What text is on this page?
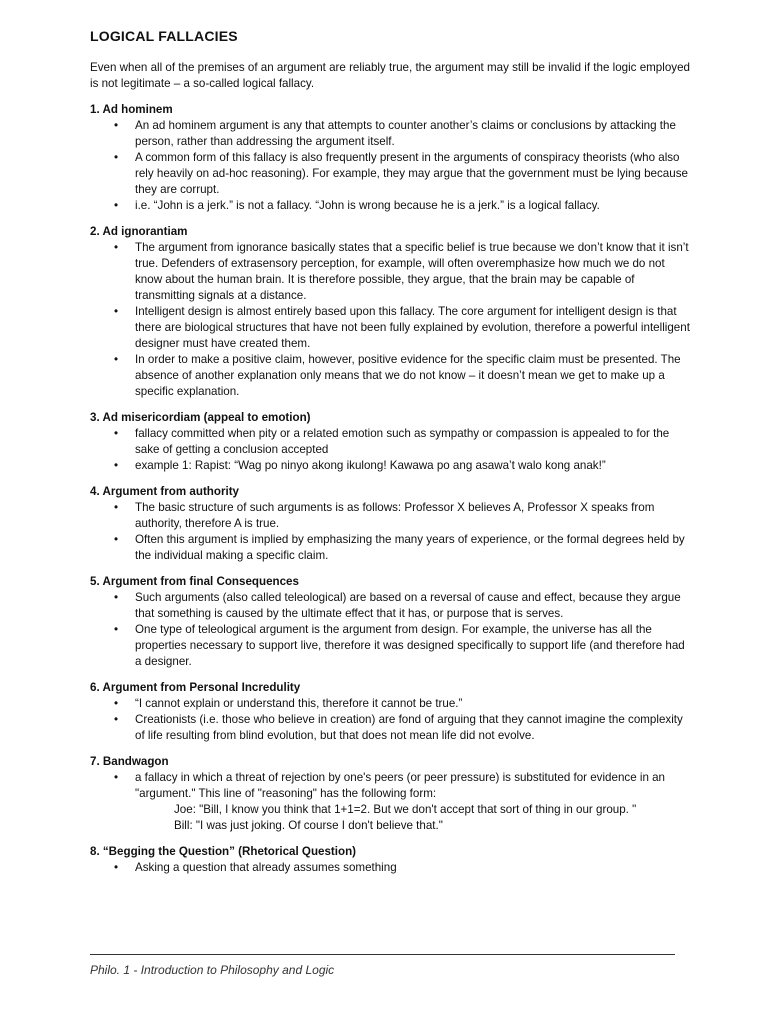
LOGICAL FALLACIES

Even when all of the premises of an argument are reliably true, the argument may still be invalid if the logic employed is not legitimate – a so-called logical fallacy.

1. Ad hominem

• An ad hominem argument is any that attempts to counter another’s claims or conclusions by attacking the person, rather than addressing the argument itself.
• A common form of this fallacy is also frequently present in the arguments of conspiracy theorists (who also rely heavily on ad-hoc reasoning). For example, they may argue that the government must be lying because they are corrupt.
• i.e. “John is a jerk.” is not a fallacy. “John is wrong because he is a jerk.” is a logical fallacy.

2. Ad ignorantiam

• The argument from ignorance basically states that a specific belief is true because we don’t know that it isn’t true. Defenders of extrasensory perception, for example, will often overemphasize how much we do not know about the human brain. It is therefore possible, they argue, that the brain may be capable of transmitting signals at a distance.
• Intelligent design is almost entirely based upon this fallacy. The core argument for intelligent design is that there are biological structures that have not been fully explained by evolution, therefore a powerful intelligent designer must have created them.
• In order to make a positive claim, however, positive evidence for the specific claim must be presented. The absence of another explanation only means that we do not know – it doesn’t mean we get to make up a specific explanation.

3. Ad misericordiam (appeal to emotion)

• fallacy committed when pity or a related emotion such as sympathy or compassion is appealed to for the sake of getting a conclusion accepted
• example 1: Rapist: “Wag po ninyo akong ikulong! Kawawa po ang asawa’t walo kong anak!”

4. Argument from authority

• The basic structure of such arguments is as follows: Professor X believes A, Professor X speaks from authority, therefore A is true.
• Often this argument is implied by emphasizing the many years of experience, or the formal degrees held by the individual making a specific claim.

5. Argument from final Consequences

• Such arguments (also called teleological) are based on a reversal of cause and effect, because they argue that something is caused by the ultimate effect that it has, or purpose that is serves.
• One type of teleological argument is the argument from design. For example, the universe has all the properties necessary to support live, therefore it was designed specifically to support life (and therefore had a designer.

6. Argument from Personal Incredulity

• “I cannot explain or understand this, therefore it cannot be true.”
• Creationists (i.e. those who believe in creation) are fond of arguing that they cannot imagine the complexity of life resulting from blind evolution, but that does not mean life did not evolve.

7. Bandwagon

• a fallacy in which a threat of rejection by one's peers (or peer pressure) is substituted for evidence in an "argument." This line of "reasoning" has the following form:

Joe: "Bill, I know you think that 1+1=2. But we don't accept that sort of thing in our group. "

Bill: "I was just joking. Of course I don't believe that."

8. “Begging the Question” (Rhetorical Question)

• Asking a question that already assumes something
Philo. 1 - Introduction to Philosophy and Logic
